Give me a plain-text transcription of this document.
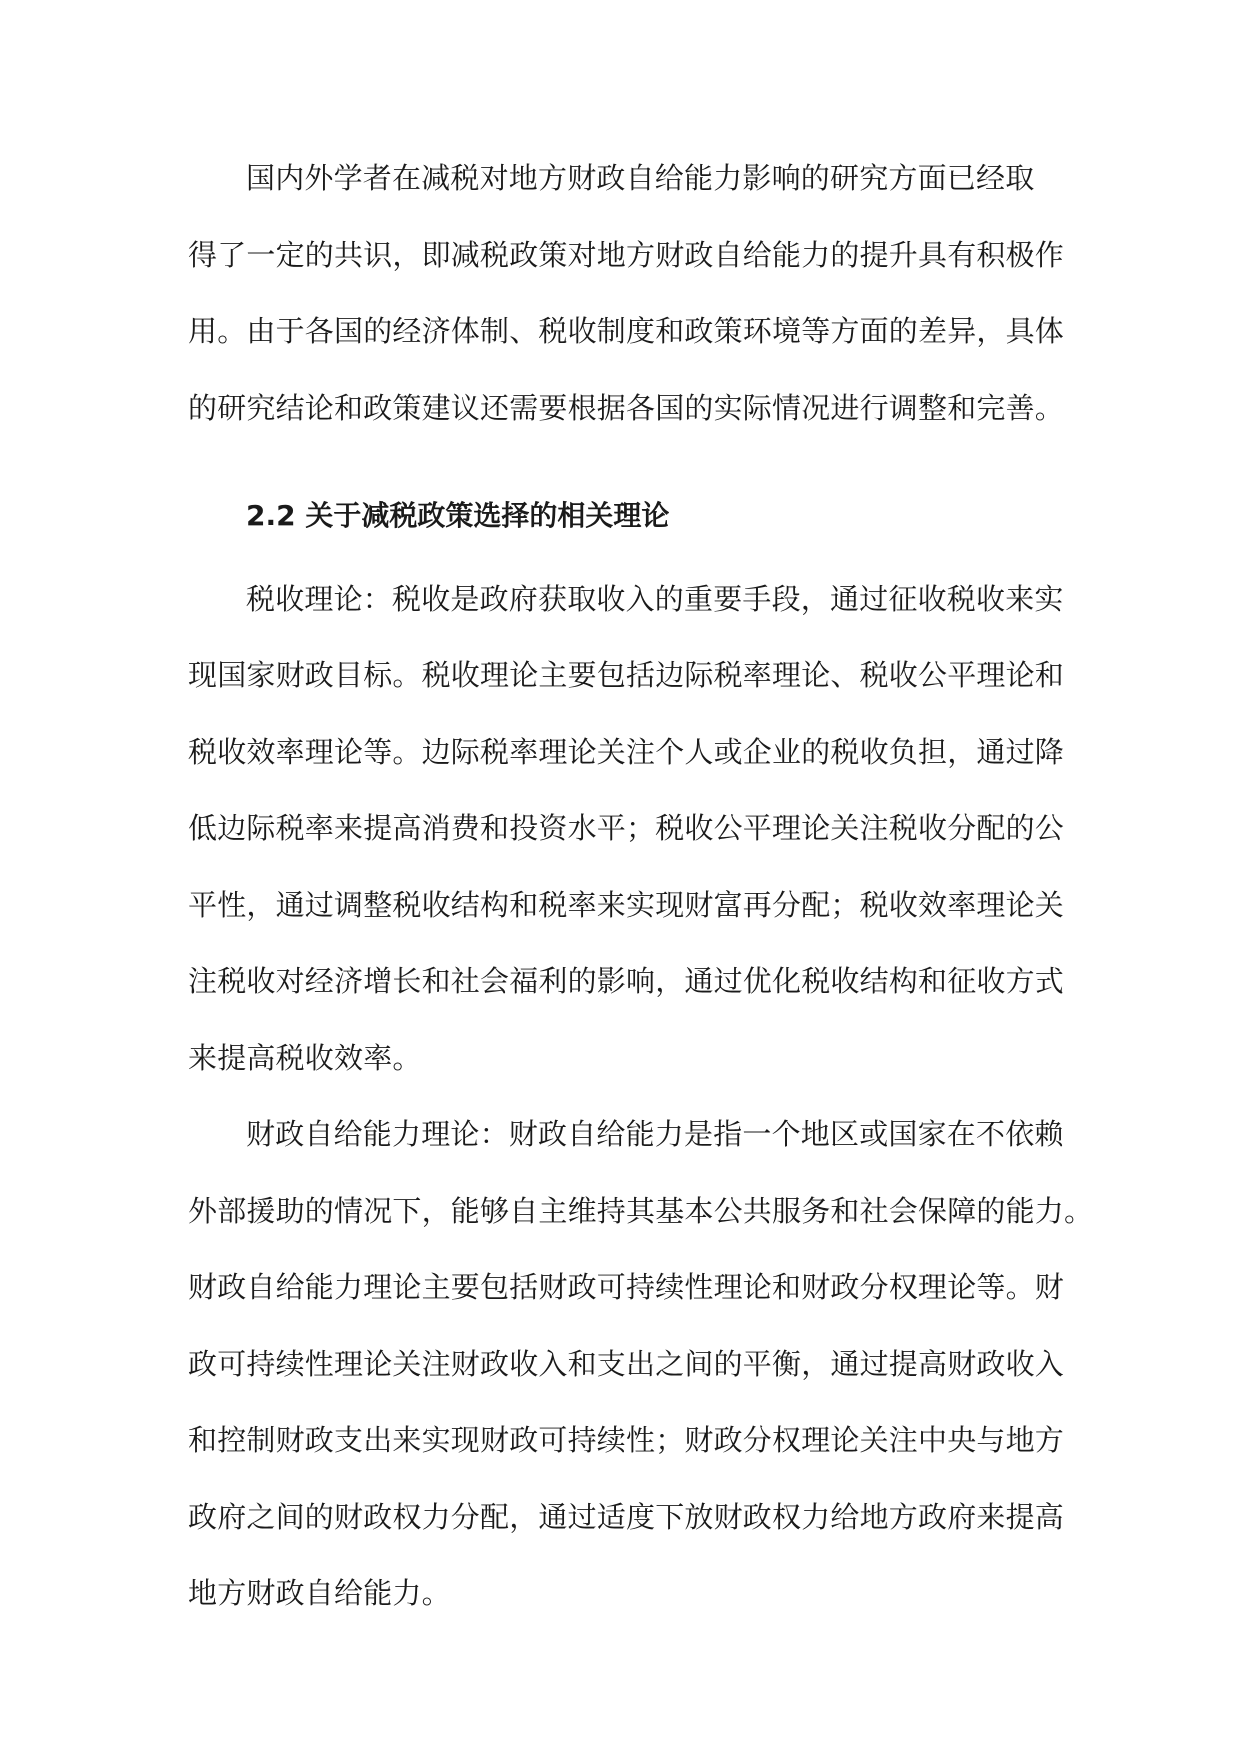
国内外学者在减税对地方财政自给能力影响的研究方面已经取
得了一定的共识，即减税政策对地方财政自给能力的提升具有积极作
用。由于各国的经济体制、税收制度和政策环境等方面的差异，具体
的研究结论和政策建议还需要根据各国的实际情况进行调整和完善。
2.2 关于减税政策选择的相关理论
税收理论：税收是政府获取收入的重要手段，通过征收税收来实
现国家财政目标。税收理论主要包括边际税率理论、税收公平理论和
税收效率理论等。边际税率理论关注个人或企业的税收负担，通过降
低边际税率来提高消费和投资水平；税收公平理论关注税收分配的公
平性，通过调整税收结构和税率来实现财富再分配；税收效率理论关
注税收对经济增长和社会福利的影响，通过优化税收结构和征收方式
来提高税收效率。
财政自给能力理论：财政自给能力是指一个地区或国家在不依赖
外部援助的情况下，能够自主维持其基本公共服务和社会保障的能力。
财政自给能力理论主要包括财政可持续性理论和财政分权理论等。财
政可持续性理论关注财政收入和支出之间的平衡，通过提高财政收入
和控制财政支出来实现财政可持续性；财政分权理论关注中央与地方
政府之间的财政权力分配，通过适度下放财政权力给地方政府来提高
地方财政自给能力。
